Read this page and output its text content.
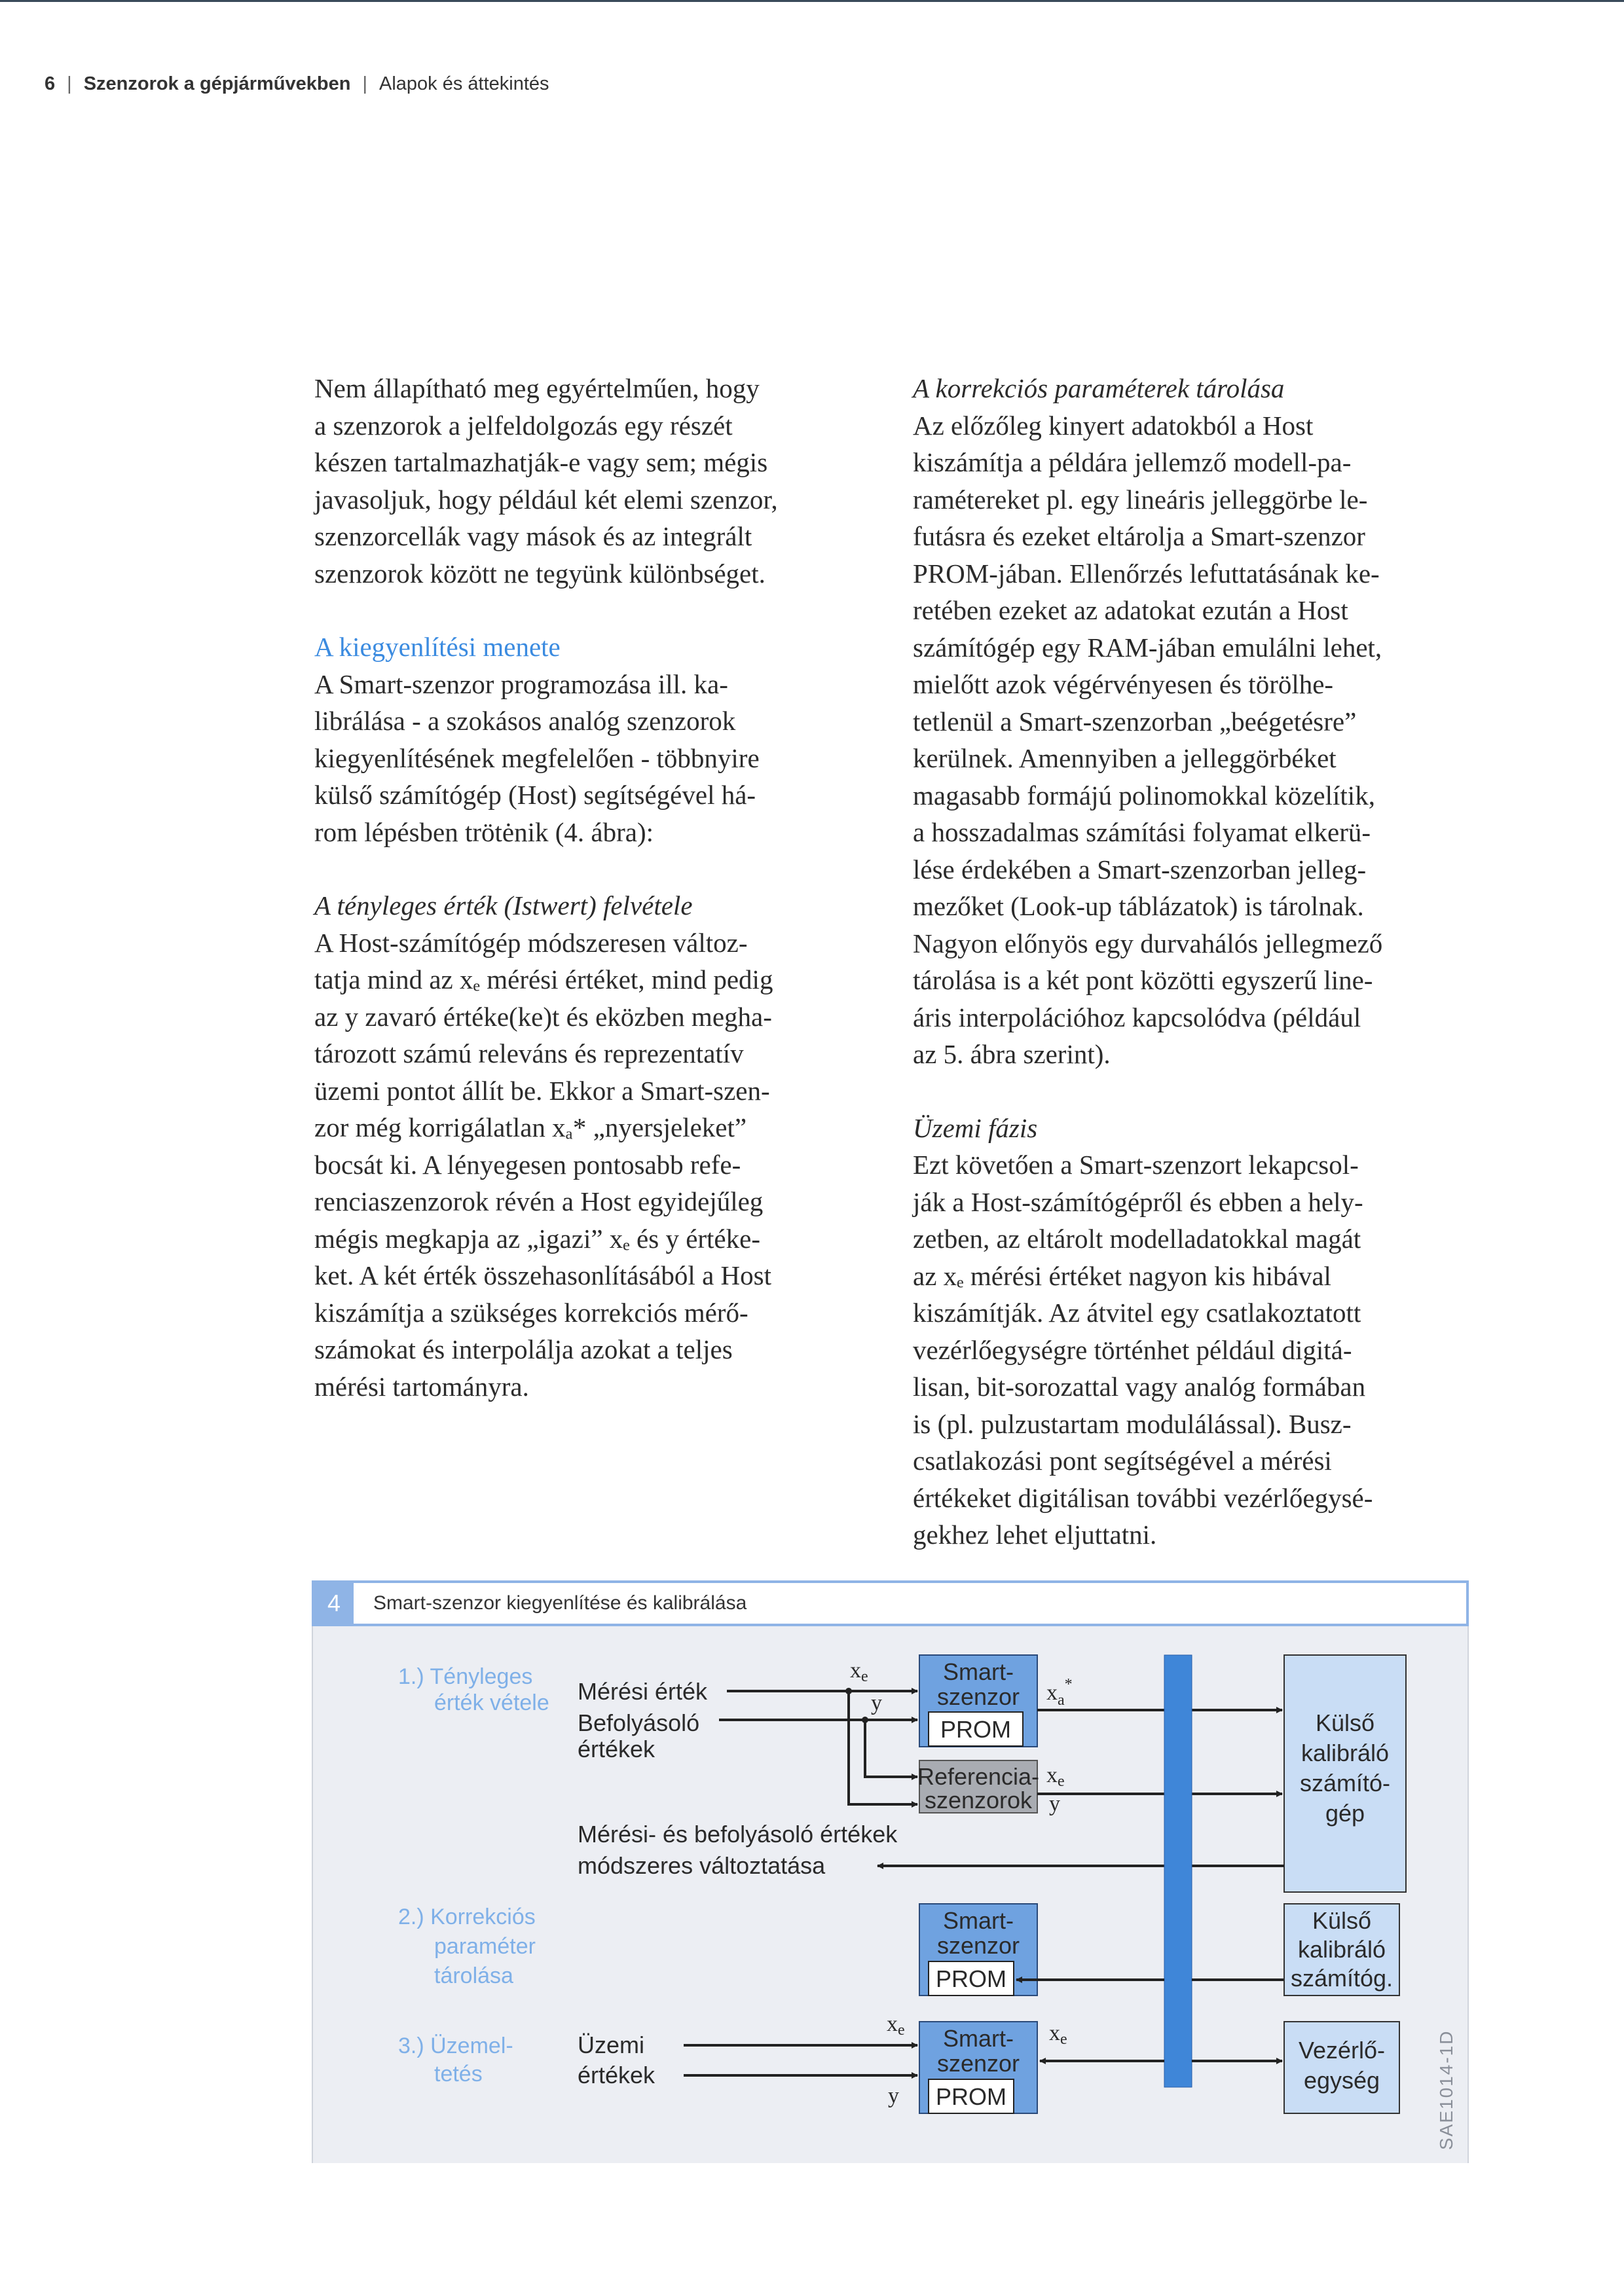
6 | Szenzorok a gépjárművekben | Alapok és áttekintés

Nem állapítható meg egyértelműen, hogy
a szenzorok a jelfeldolgozás egy részét
készen tartalmazhatják-e vagy sem; mégis
javasoljuk, hogy például két elemi szenzor,
szenzorcellák vagy mások és az integrált
szenzorok között ne tegyünk különbséget.

A kiegyenlítési menete

A Smart-szenzor programozása ill. ka-
librálása - a szokásos analóg szenzorok
kiegyenlítésének megfelelően - többnyire
külső számítógép (Host) segítségével há-
rom lépésben trötėnik (4. ábra):

A tényleges érték (Istwert) felvétele

A Host-számítógép módszeresen változ-
tatja mind az xₑ mérési értéket, mind pedig
az y zavaró értéke(ke)t és eközben megha-
tározott számú releváns és reprezentatív
üzemi pontot állít be. Ekkor a Smart-szen-
zor még korrigálatlan xₐ* „nyersjeleket”
bocsát ki. A lényegesen pontosabb refe-
renciaszenzorok révén a Host egyidejűleg
mégis megkapja az „igazi” xₑ és y értéke-
ket. A két érték összehasonlításából a Host
kiszámítja a szükséges korrekciós mérő-
számokat és interpolálja azokat a teljes
mérési tartományra.

A korrekciós paraméterek tárolása

Az előzőleg kinyert adatokból a Host
kiszámítja a példára jellemző modell-pa-
ramétereket pl. egy lineáris jelleggörbe le-
futásra és ezeket eltárolja a Smart-szenzor
PROM-jában. Ellenőrzés lefuttatásának ke-
retében ezeket az adatokat ezután a Host
számítógép egy RAM-jában emulálni lehet,
mielőtt azok végérvényesen és törölhe-
tetlenül a Smart-szenzorban „beégetésre”
kerülnek. Amennyiben a jelleggörbéket
magasabb formájú polinomokkal közelítik,
a hosszadalmas számítási folyamat elkerü-
lése érdekében a Smart-szenzorban jelleg-
mezőket (Look-up táblázatok) is tárolnak.
Nagyon előnyös egy durvahálós jellegmező
tárolása is a két pont közötti egyszerű line-
áris interpolációhoz kapcsolódva (például
az 5. ábra szerint).

Üzemi fázis

Ezt követően a Smart-szenzort lekapcsol-
ják a Host-számítógépről és ebben a hely-
zetben, az eltárolt modelladatokkal magát
az xₑ mérési értéket nagyon kis hibával
kiszámítják. Az átvitel egy csatlakoztatott
vezérlőegységre történhet például digitá-
lisan, bit-sorozattal vagy analóg formában
is (pl. pulzustartam modulálással). Busz-
csatlakozási pont segítségével a mérési
értékeket digitálisan további vezérlőegysé-
gekhez lehet eljuttatni.

4	Smart-szenzor kiegyenlítése és kalibrálása
1.) Tényleges érték vétele
2.) Korrekciós paraméter tárolása
3.) Üzemel-tetés
Mérési érték
Befolyásoló értékek
xe
y
Smart-szenzor
PROM
Referencia-szenzorok
$x_a^*$
xe
y
Külső kalibráló számító-gép
Mérési- és befolyásoló értékek módszeres változtatása
Smart-szenzor
PROM
Külső kalibráló számítóg.
Üzemi értékek
xe
y
Smart-szenzor
PROM
xe	Vezérlő-egység	SAE1014-1D
